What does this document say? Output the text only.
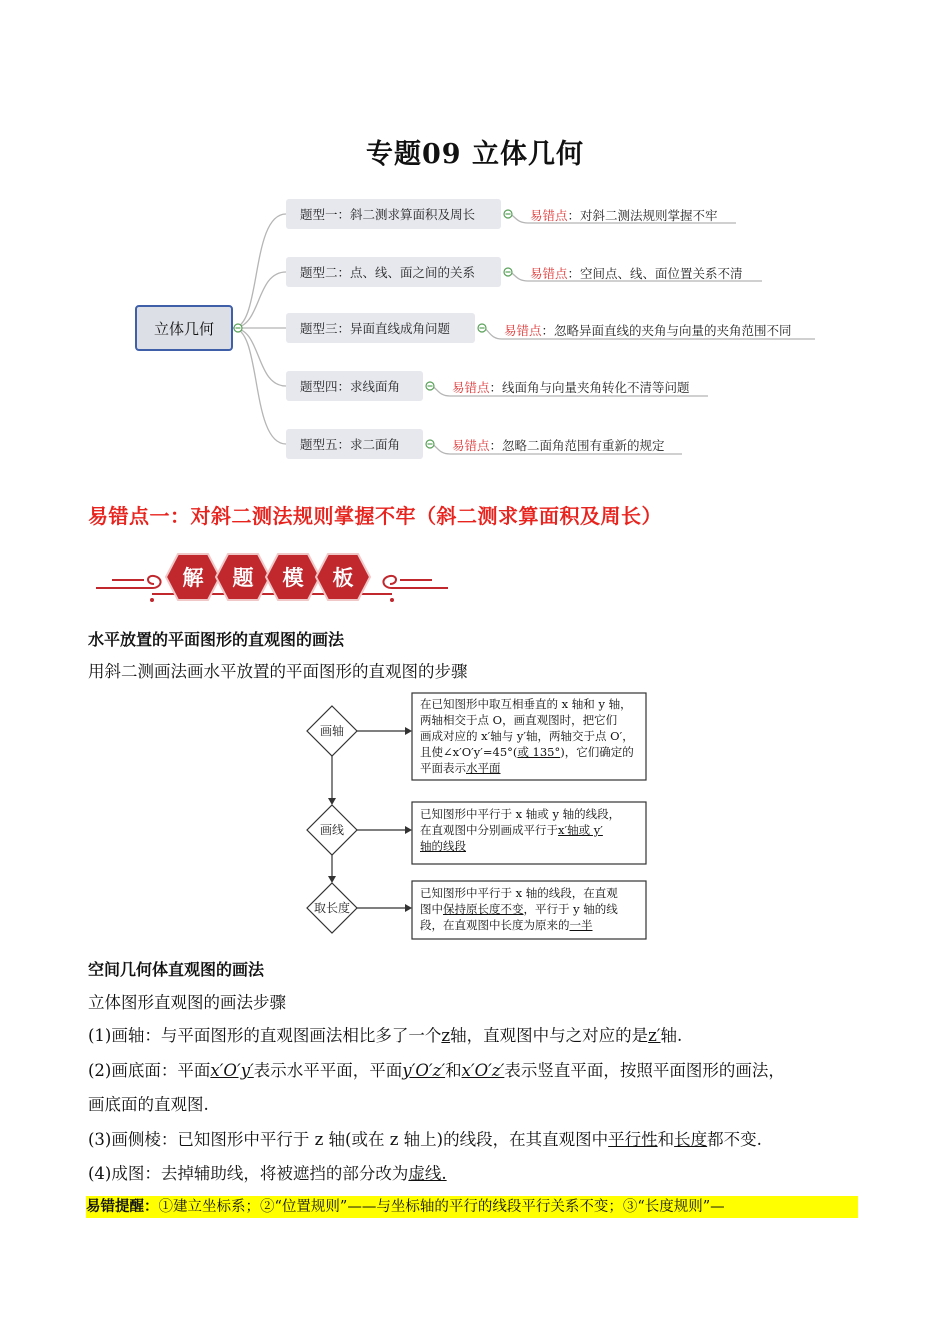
专题09 立体几何
立体几何
题型一：斜二测求算面积及周长
题型二：点、线、面之间的关系
题型三：异面直线成角问题
题型四：求线面角
题型五：求二面角
易错点：对斜二测法规则掌握不牢
易错点：空间点、线、面位置关系不清
易错点：忽略异面直线的夹角与向量的夹角范围不同
易错点：线面角与向量夹角转化不清等问题
易错点：忽略二面角范围有重新的规定
易错点一：对斜二测法规则掌握不牢（斜二测求算面积及周长）
解 题 模 板
水平放置的平面图形的直观图的画法
用斜二测画法画水平放置的平面图形的直观图的步骤
画轴
画线
取长度
在已知图形中取互相垂直的 x 轴和 y 轴，
两轴相交于点 O，画直观图时，把它们
画成对应的 x′轴与 y′轴，两轴交于点 O′，
且使∠x′O′y′=45°(或 135°)，它们确定的
平面表示水平面
已知图形中平行于 x 轴或 y 轴的线段，
在直观图中分别画成平行于x′轴或 y′
轴的线段
已知图形中平行于 x 轴的线段，在直观
图中保持原长度不变，平行于 y 轴的线
段，在直观图中长度为原来的一半
空间几何体直观图的画法
立体图形直观图的画法步骤
(1)画轴：与平面图形的直观图画法相比多了一个z轴，直观图中与之对应的是z′轴.
(2)画底面：平面x′O′y′表示水平平面，平面y′O′z′和x′O′z′表示竖直平面，按照平面图形的画法，
画底面的直观图.
(3)画侧棱：已知图形中平行于 z 轴(或在 z 轴上)的线段，在其直观图中平行性和长度都不变.
(4)成图：去掉辅助线，将被遮挡的部分改为虚线.
易错提醒：①建立坐标系；②“位置规则”——与坐标轴的平行的线段平行关系不变；③“长度规则”—
